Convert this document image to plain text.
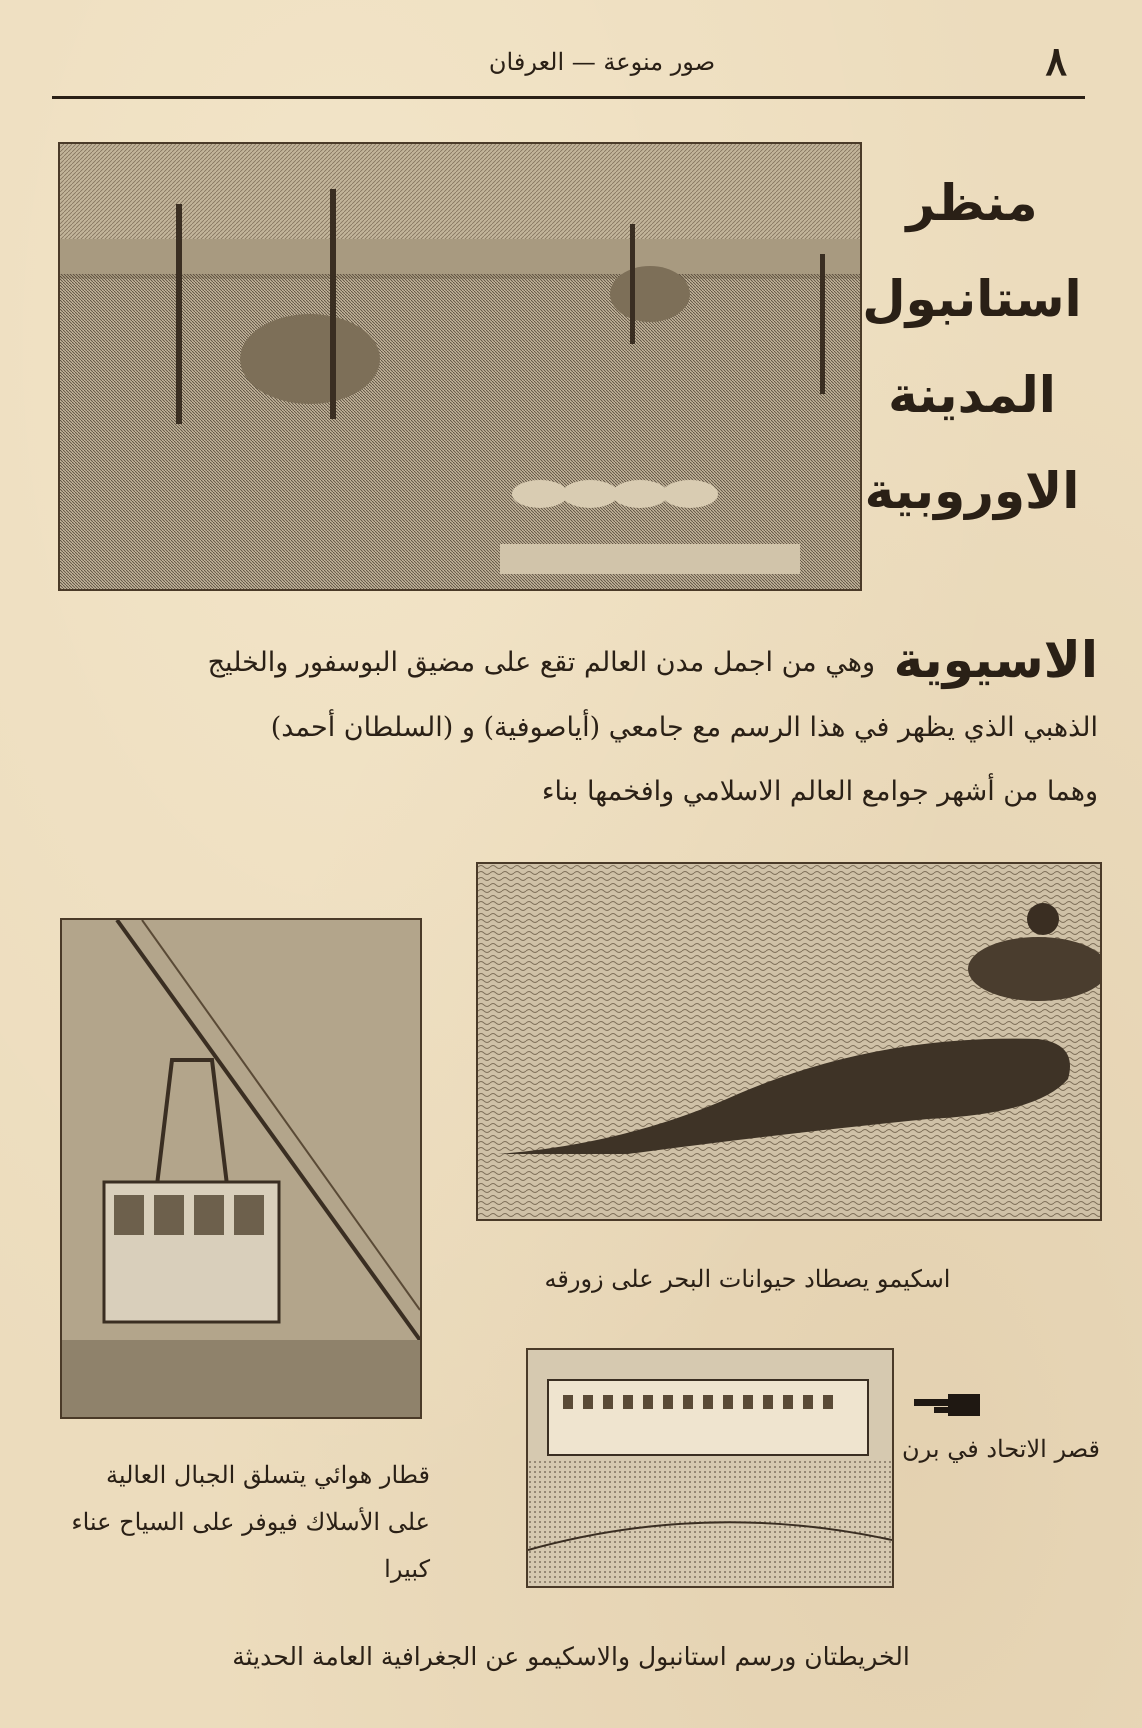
صور منوعة — العرفان	٨
منظر
استانبول
المدينة
الاوروبية
الاسيوية وهي من اجمل مدن العالم تقع على مضيق البوسفور والخليج
الذهبي الذي يظهر في هذا الرسم مع جامعي (أياصوفية) و (السلطان أحمد)
وهما من أشهر جوامع العالم الاسلامي وافخمها بناء
اسكيمو يصطاد حيوانات البحر على زورقه
قطار هوائي يتسلق الجبال العالية
على الأسلاك فيوفر على السياح عناء
كبيرا
قصر الاتحاد في برن
الخريطتان ورسم استانبول والاسكيمو عن الجغرافية العامة الحديثة
